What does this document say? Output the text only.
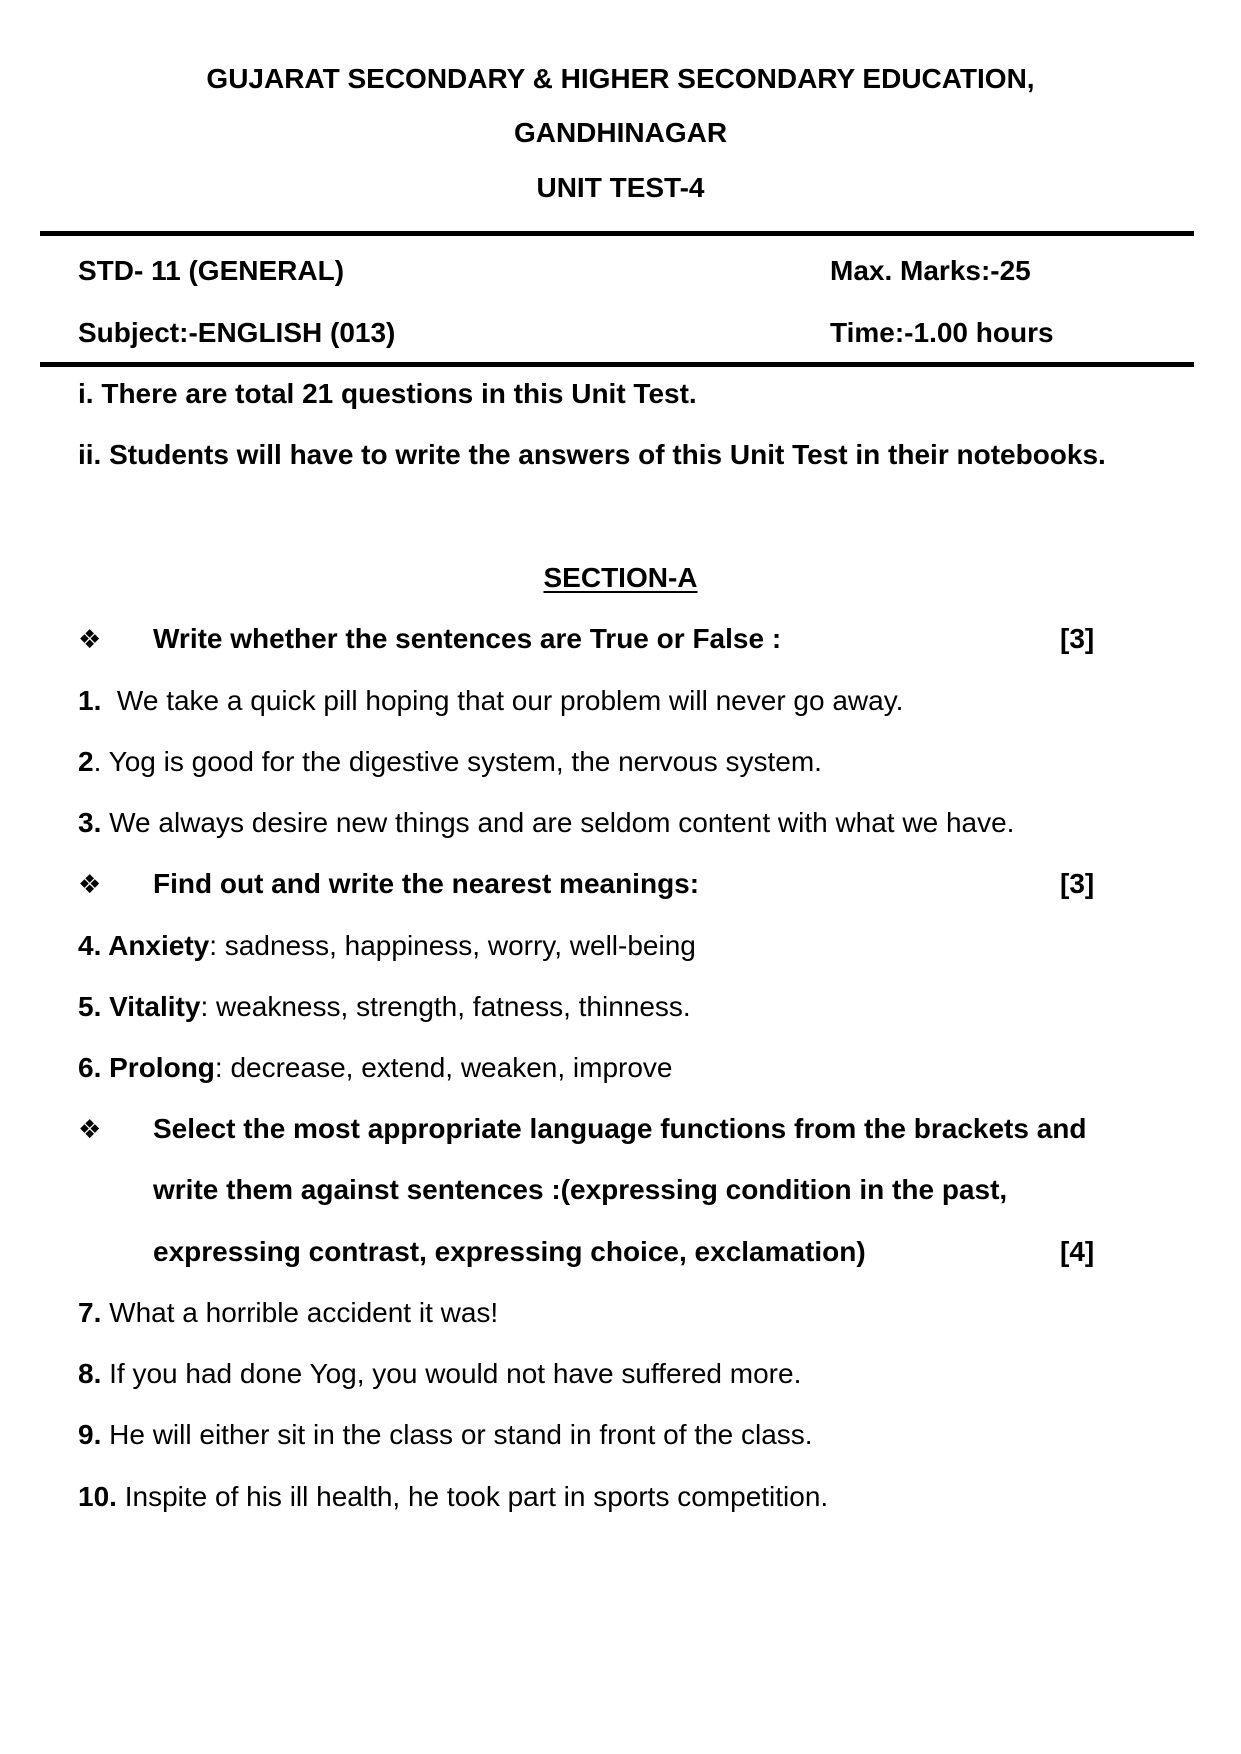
GUJARAT SECONDARY & HIGHER SECONDARY EDUCATION,
GANDHINAGAR
UNIT TEST-4
STD- 11 (GENERAL)	Max. Marks:-25
Subject:-ENGLISH (013)	Time:-1.00 hours
i. There are total 21 questions in this Unit Test.
ii. Students will have to write the answers of this Unit Test in their notebooks.
SECTION-A
❖ Write whether the sentences are True or False :	[3]
1.  We take a quick pill hoping that our problem will never go away.
2. Yog is good for the digestive system, the nervous system.
3. We always desire new things and are seldom content with what we have.
❖ Find out and write the nearest meanings:	[3]
4. Anxiety: sadness, happiness, worry, well-being
5. Vitality: weakness, strength, fatness, thinness.
6. Prolong: decrease, extend, weaken, improve
❖ Select the most appropriate language functions from the brackets and
write them against sentences :(expressing condition in the past,
expressing contrast, expressing choice, exclamation)	[4]
7. What a horrible accident it was!
8. If you had done Yog, you would not have suffered more.
9. He will either sit in the class or stand in front of the class.
10. Inspite of his ill health, he took part in sports competition.
